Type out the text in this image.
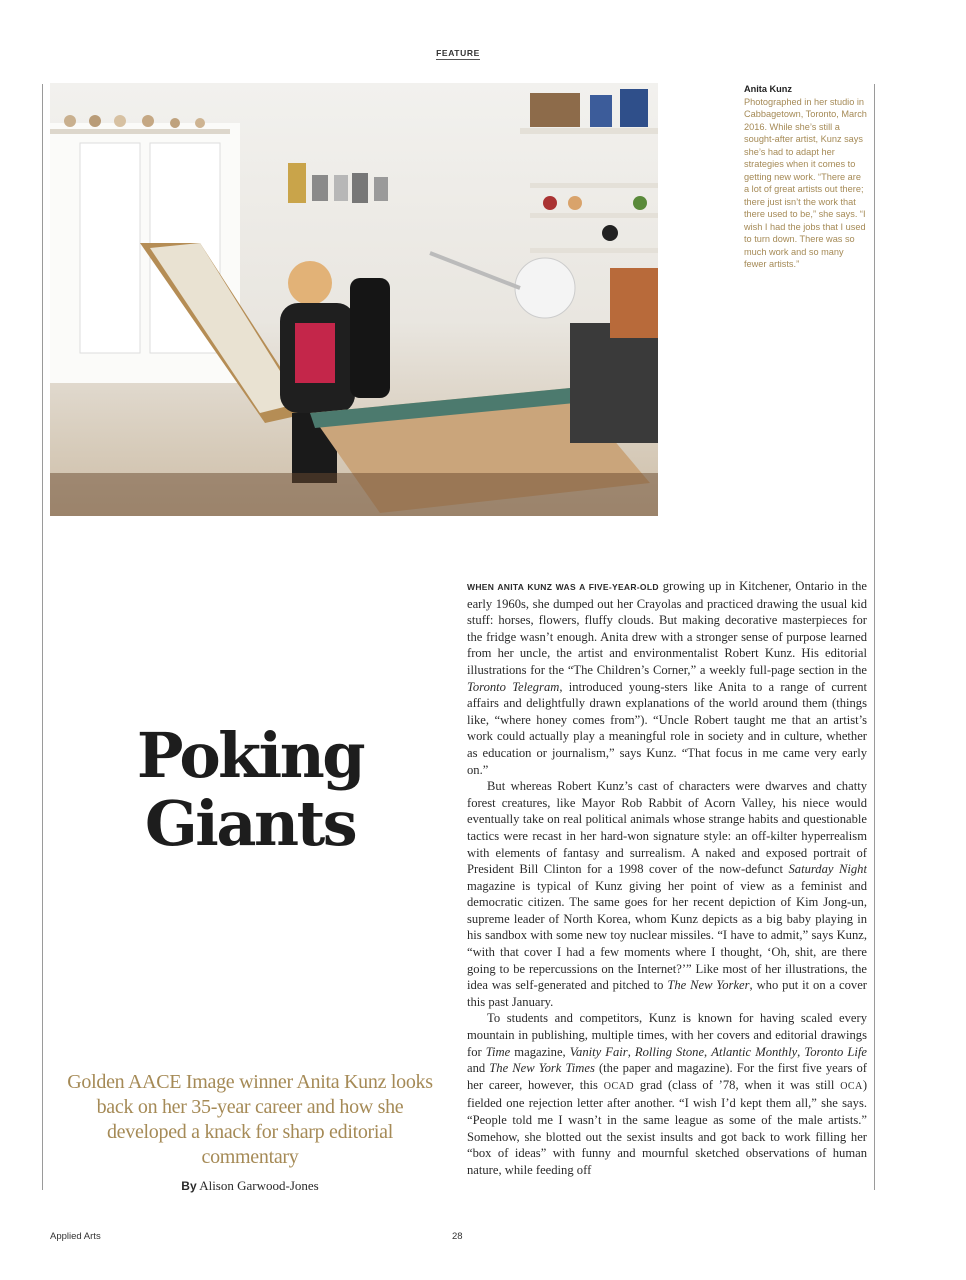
FEATURE
Anita Kunz
Photographed in her studio in Cabbagetown, Toronto, March 2016. While she’s still a sought-after artist, Kunz says she’s had to adapt her strategies when it comes to getting new work. “There are a lot of great artists out there; there just isn’t the work that there used to be,” she says. “I wish I had the jobs that I used to turn down. There was so much work and so many fewer artists.”
Poking
Giants
Golden AACE Image winner Anita Kunz looks back on her 35-year career and how she developed a knack for sharp editorial commentary
By Alison Garwood-Jones

WHEN ANITA KUNZ WAS A FIVE-YEAR-OLD growing up in Kitchener, Ontario in the early 1960s, she dumped out her Crayolas and practiced drawing the usual kid stuff: horses, flowers, fluffy clouds. But making decorative masterpieces for the fridge wasn’t enough. Anita drew with a stronger sense of purpose learned from her uncle, the artist and environmentalist Robert Kunz. His editorial illustrations for the “The Children’s Corner,” a weekly full-page section in the Toronto Telegram, introduced young-sters like Anita to a range of current affairs and delightfully drawn explanations of the world around them (things like, “where honey comes from”). “Uncle Robert taught me that an artist’s work could actually play a meaningful role in society and in culture, whether as education or journalism,” says Kunz. “That focus in me came very early on.”

But whereas Robert Kunz’s cast of characters were dwarves and chatty forest creatures, like Mayor Rob Rabbit of Acorn Valley, his niece would eventually take on real political animals whose strange habits and questionable tactics were recast in her hard-won signature style: an off-kilter hyperrealism with elements of fantasy and surrealism. A naked and exposed portrait of President Bill Clinton for a 1998 cover of the now-defunct Saturday Night magazine is typical of Kunz giving her point of view as a feminist and democratic citizen. The same goes for her recent depiction of Kim Jong-un, supreme leader of North Korea, whom Kunz depicts as a big baby playing in his sandbox with some new toy nuclear missiles. “I have to admit,” says Kunz, “with that cover I had a few moments where I thought, ‘Oh, shit, are there going to be repercussions on the Internet?’” Like most of her illustrations, the idea was self-generated and pitched to The New Yorker, who put it on a cover this past January.

To students and competitors, Kunz is known for having scaled every mountain in publishing, multiple times, with her covers and editorial drawings for Time magazine, Vanity Fair, Rolling Stone, Atlantic Monthly, Toronto Life and The New York Times (the paper and magazine). For the first five years of her career, however, this OCAD grad (class of ’78, when it was still OCA) fielded one rejection letter after another. “I wish I’d kept them all,” she says. “People told me I wasn’t in the same league as some of the male artists.” Somehow, she blotted out the sexist insults and got back to work filling her “box of ideas” with funny and mournful sketched observations of human nature, while feeding off

Applied Arts	28
